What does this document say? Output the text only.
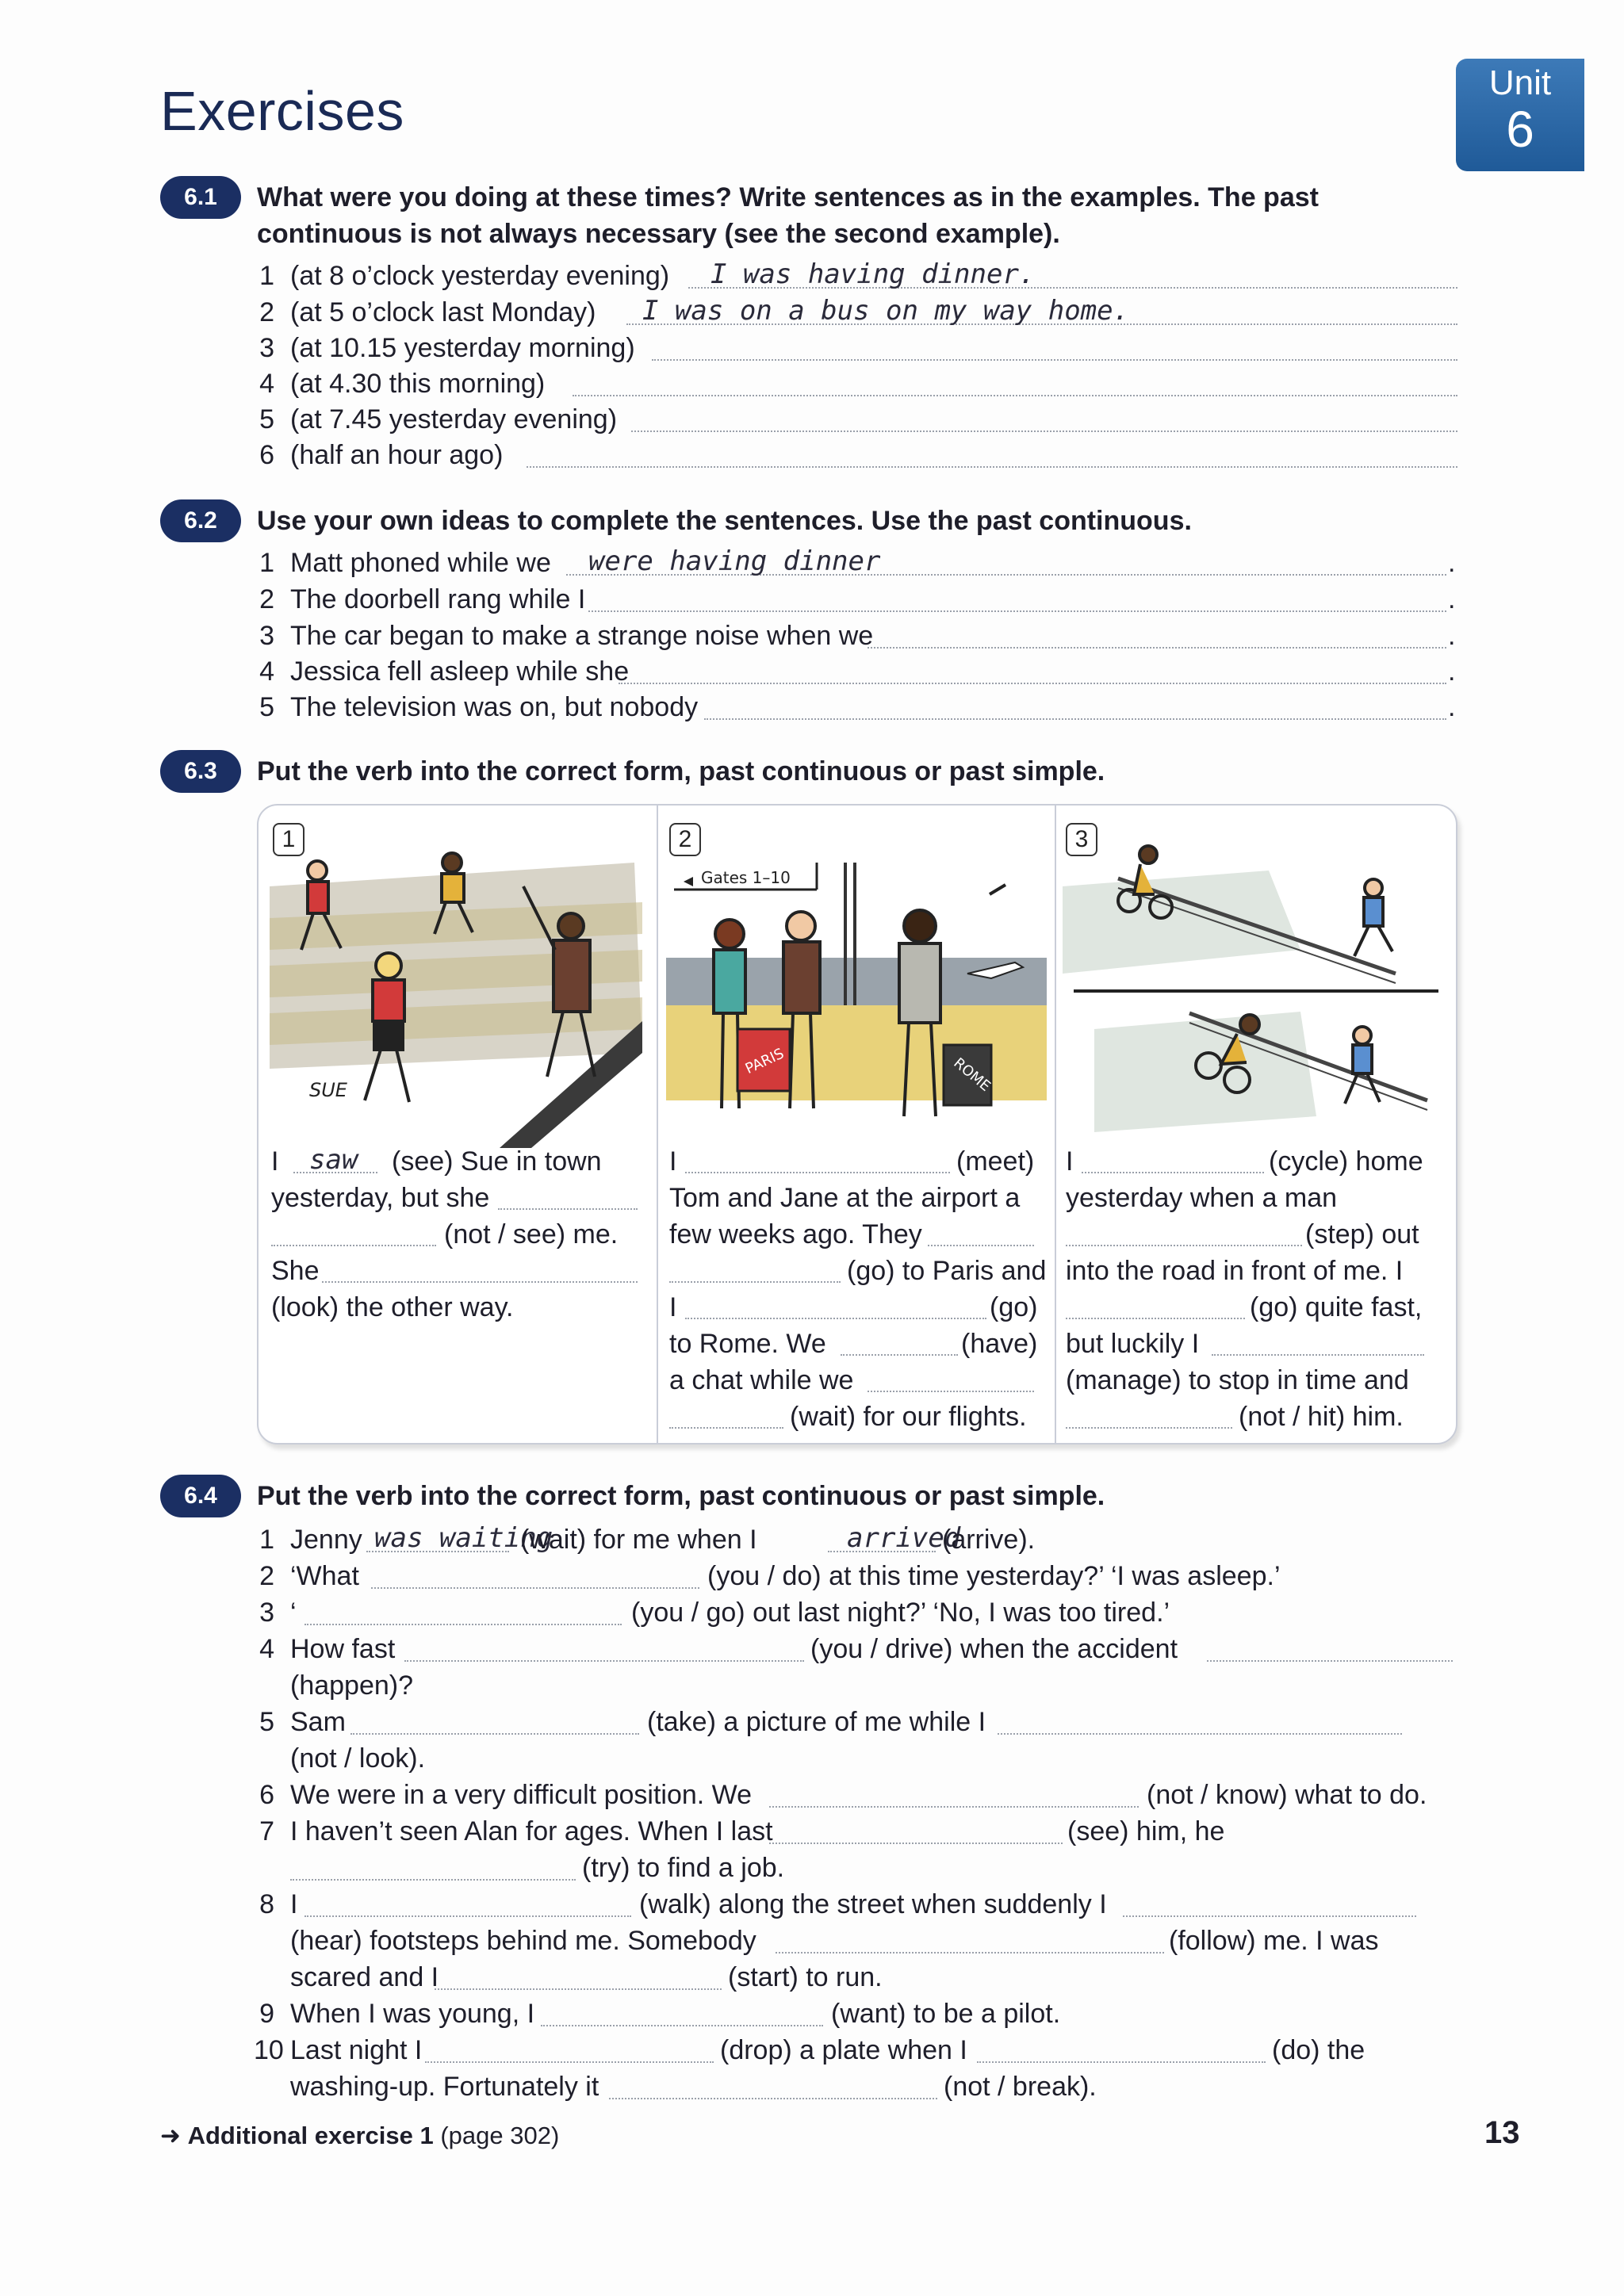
Exercises	Unit
6
6.1	What were you doing at these times? Write sentences as in the examples. The past continuous is not always necessary (see the second example).
1 (at 8 o’clock yesterday evening) I was having dinner.
2 (at 5 o’clock last Monday) I was on a bus on my way home.
3 (at 10.15 yesterday morning)
4 (at 4.30 this morning)
5 (at 7.45 yesterday evening)
6 (half an hour ago)
6.2	Use your own ideas to complete the sentences. Use the past continuous.
1 Matt phoned while we were having dinner	.
2 The doorbell rang while I	.
3 The car began to make a strange noise when we	.
4 Jessica fell asleep while she	.
5 The television was on, but nobody	.
6.3	Put the verb into the correct form, past continuous or past simple.
SUE
1
I saw (see) Sue in town
yesterday, but she
(not / see) me.
She
(look) the other way.
Gates 1–10
PARIS	ROME
2
I	(meet)
Tom and Jane at the airport a
few weeks ago. They
(go) to Paris and
I	(go)
to Rome. We	(have)
a chat while we
(wait) for our flights.
3
I	(cycle) home
yesterday when a man
(step) out
into the road in front of me. I
(go) quite fast,
but luckily I
(manage) to stop in time and
(not / hit) him.
6.4	Put the verb into the correct form, past continuous or past simple.
1 Jenny was waiting
(wait) for me when I	arrived
(arrive).
2 ‘What	(you / do) at this time yesterday?’ ‘I was asleep.’
3 ‘	(you / go) out last night?’ ‘No, I was too tired.’
4 How fast	(you / drive) when the accident
(happen)?
5 Sam	(take) a picture of me while I
(not / look).
6 We were in a very difficult position. We	(not / know) what to do.
7 I haven’t seen Alan for ages. When I last	(see) him, he
(try) to find a job.
8 I	(walk) along the street when suddenly I
(hear) footsteps behind me. Somebody	(follow) me. I was
scared and I	(start) to run.
9 When I was young, I	(want) to be a pilot.
10 Last night I	(drop) a plate when I	(do) the
washing-up. Fortunately it	(not / break).
➜ Additional exercise 1 (page 302)	13
